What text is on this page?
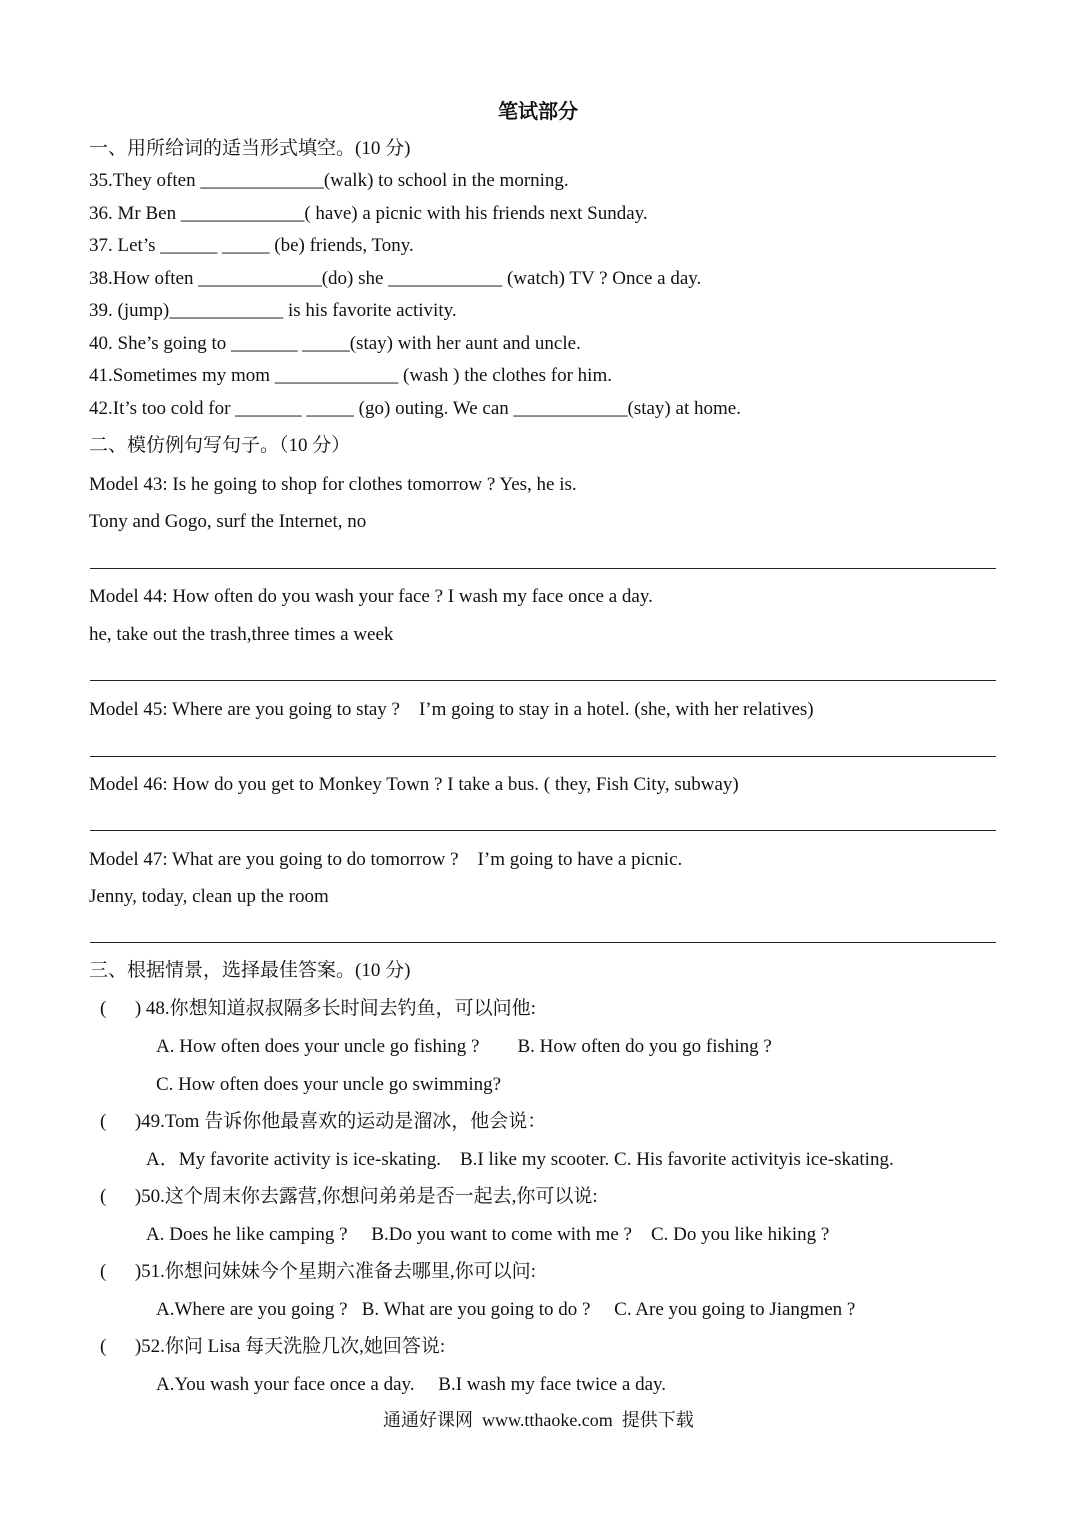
笔试部分
一、用所给词的适当形式填空。(10 分)
35.They often _____________(walk) to school in the morning.
36. Mr Ben _____________( have) a picnic with his friends next Sunday.
37. Let’s ______ _____ (be) friends, Tony.
38.How often _____________(do) she ____________ (watch) TV ? Once a day.
39. (jump)____________ is his favorite activity.
40. She’s going to _______ _____(stay) with her aunt and uncle.
41.Sometimes my mom _____________ (wash ) the clothes for him.
42.It’s too cold for _______ _____ (go) outing. We can ____________(stay) at home.
二、模仿例句写句子。（10 分）
Model 43: Is he going to shop for clothes tomorrow ? Yes, he is.
Tony and Gogo, surf the Internet, no
Model 44: How often do you wash your face ? I wash my face once a day.
he, take out the trash,three times a week
Model 45: Where are you going to stay ?    I’m going to stay in a hotel. (she, with her relatives)
Model 46: How do you get to Monkey Town ? I take a bus. ( they, Fish City, subway)
Model 47: What are you going to do tomorrow ?    I’m going to have a picnic.
Jenny, today, clean up the room
三、根据情景，选择最佳答案。(10 分)
(      ) 48.你想知道叔叔隔多长时间去钓鱼，可以问他:
A. How often does your uncle go fishing ?        B. How often do you go fishing ?
C. How often does your uncle go swimming?
(      )49.Tom 告诉你他最喜欢的运动是溜冰，他会说：
A．My favorite activity is ice-skating.    B.I like my scooter. C. His favorite activityis ice-skating.
(      )50.这个周末你去露营,你想问弟弟是否一起去,你可以说:
A. Does he like camping ?     B.Do you want to come with me ?    C. Do you like hiking ?
(      )51.你想问妹妹今个星期六准备去哪里,你可以问:
A.Where are you going ?   B. What are you going to do ?     C. Are you going to Jiangmen ?
(      )52.你问 Lisa 每天洗脸几次,她回答说:
A.You wash your face once a day.     B.I wash my face twice a day.
通通好课网  www.tthaoke.com  提供下载
